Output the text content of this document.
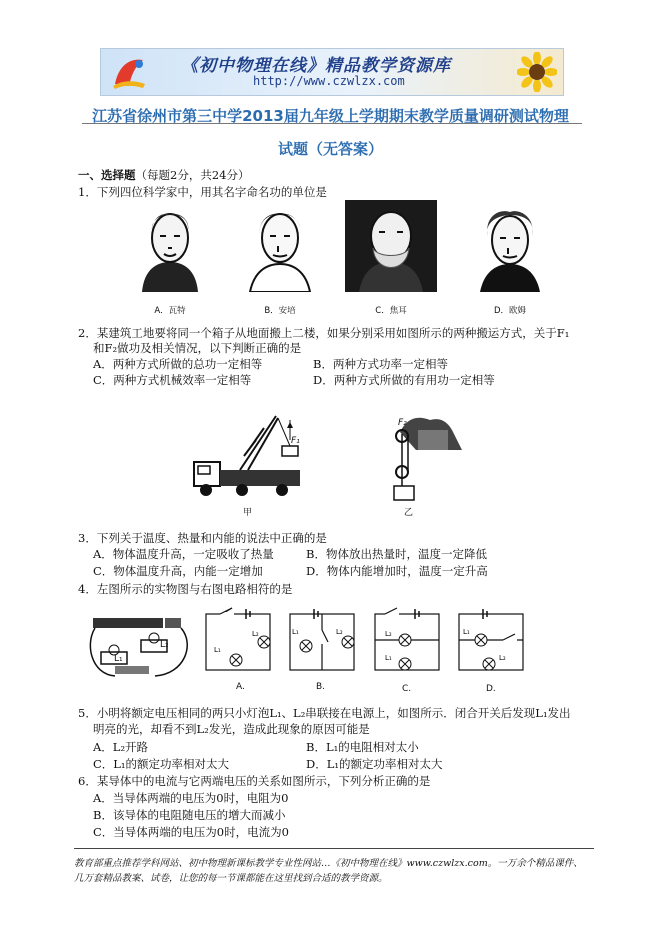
《初中物理在线》精品教学资源库
http://www.czwlzx.com
江苏省徐州市第三中学2013届九年级上学期期末教学质量调研测试物理
试题（无答案）
一、选择题（每题2分，共24分）
1．下列四位科学家中，用其名字命名功的单位是
A．瓦特	B．安培	C．焦耳	D．欧姆
2．某建筑工地要将同一个箱子从地面搬上二楼，如果分别采用如图所示的两种搬运方式，关于F₁
和F₂做功及相关情况，以下判断正确的是
A．两种方式所做的总功一定相等	B．两种方式功率一定相等
C．两种方式机械效率一定相等	D．两种方式所做的有用功一定相等
F₁
甲
F₂
乙
3．下列关于温度、热量和内能的说法中正确的是
A．物体温度升高，一定吸收了热量	B．物体放出热量时，温度一定降低
C．物体温度升高，内能一定增加	D．物体内能增加时，温度一定升高
4．左图所示的实物图与右图电路相符的是
L₁
L₂	L₁
L₂	L₁	L₂	L₂
L₁
L₁
L₂
A.	B.	C.	D.
5．小明将额定电压相同的两只小灯泡L₁、L₂串联接在电源上，如图所示．闭合开关后发现L₁发出
明亮的光，却看不到L₂发光，造成此现象的原因可能是
A．L₂开路	B．L₁的电阻相对太小
C．L₁的额定功率相对太大	D．L₁的额定功率相对太大
6．某导体中的电流与它两端电压的关系如图所示，下列分析正确的是
A．当导体两端的电压为0时，电阻为0
B．该导体的电阻随电压的增大而减小
C．当导体两端的电压为0时，电流为0
教育部重点推荐学科网站、初中物理新课标教学专业性网站…《初中物理在线》www.czwlzx.com。一万余个精品课件、
几万套精品教案、试卷，让您的每一节课都能在这里找到合适的教学资源。
